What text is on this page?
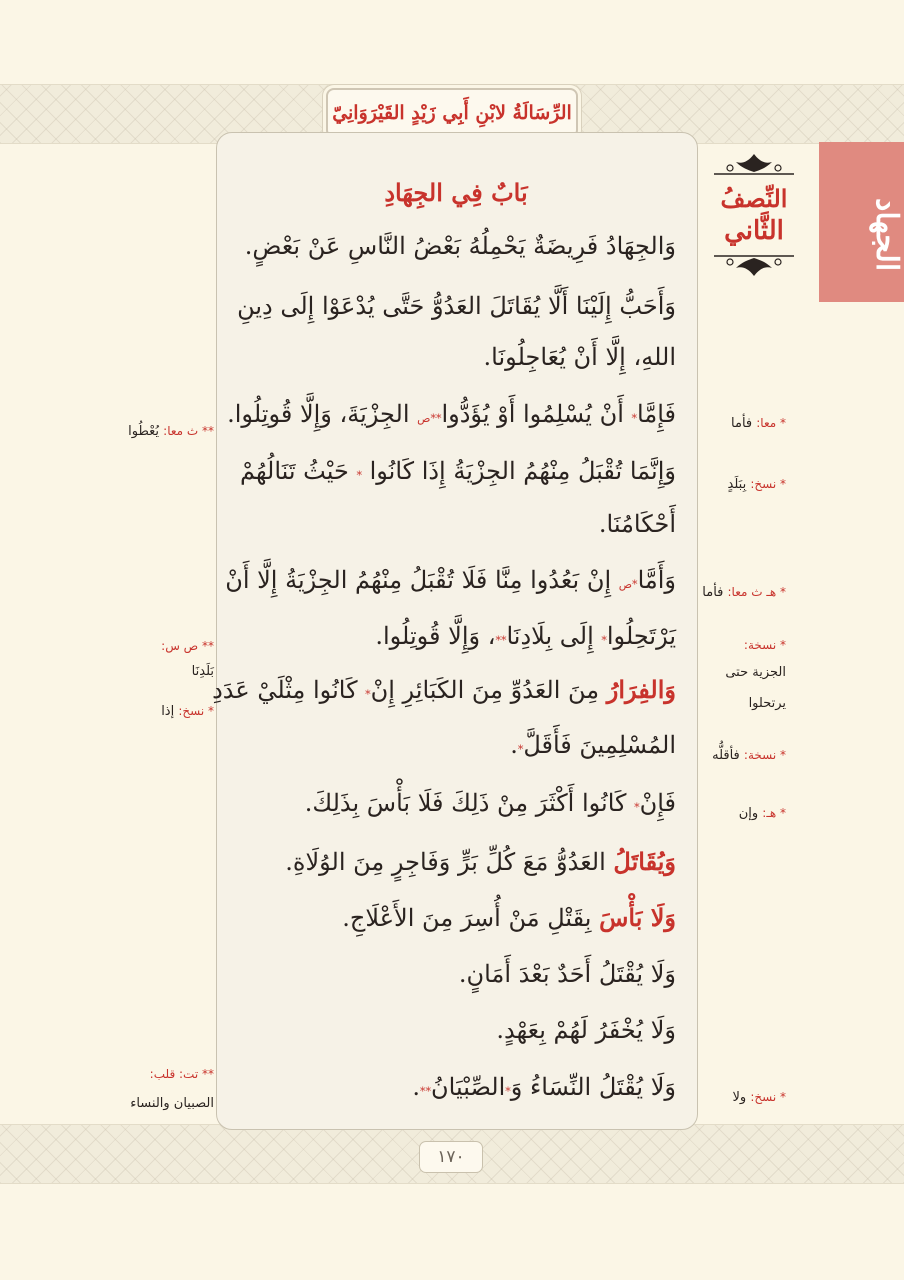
الرِّسَالَةُ لابْنِ أَبِي زَيْدٍ القَيْرَوَانِيّ
الجهاد
النِّصفُ
الثَّاني
بَابٌ فِي الجِهَادِ
وَالجِهَادُ فَرِيضَةٌ يَحْمِلُهُ بَعْضُ النَّاسِ عَنْ بَعْضٍ.
وَأَحَبُّ إِلَيْنَا أَلَّا يُقَاتَلَ العَدُوُّ حَتَّى يُدْعَوْا إِلَى دِينِ
اللهِ، إِلَّا أَنْ يُعَاجِلُونَا.
فَإِمَّا* أَنْ يُسْلِمُوا أَوْ يُؤَدُّوا**ص الجِزْيَةَ، وَإِلَّا قُوتِلُوا.
وَإِنَّمَا تُقْبَلُ مِنْهُمُ الجِزْيَةُ إِذَا كَانُوا * حَيْثُ تَنَالُهُمْ
أَحْكَامُنَا.
وَأَمَّا*ص إِنْ بَعُدُوا مِنَّا فَلَا تُقْبَلُ مِنْهُمُ الجِزْيَةُ إِلَّا أَنْ
يَرْتَحِلُوا* إِلَى بِلَادِنَا**، وَإِلَّا قُوتِلُوا.
وَالفِرَارُ مِنَ العَدُوِّ مِنَ الكَبَائِرِ إِنْ* كَانُوا مِثْلَيْ عَدَدِ
المُسْلِمِينَ فَأَقَلَّ*.
فَإِنْ* كَانُوا أَكْثَرَ مِنْ ذَلِكَ فَلَا بَأْسَ بِذَلِكَ.
وَيُقَاتَلُ العَدُوُّ مَعَ كُلِّ بَرٍّ وَفَاجِرٍ مِنَ الوُلَاةِ.
وَلَا بَأْسَ بِقَتْلِ مَنْ أُسِرَ مِنَ الأَعْلَاجِ.
وَلَا يُقْتَلُ أَحَدٌ بَعْدَ أَمَانٍ.
وَلَا يُخْفَرُ لَهُمْ بِعَهْدٍ.
وَلَا يُقْتَلُ النِّسَاءُ وَ*الصِّبْيَانُ**.
* معا: فأما
* نسخ: بِبَلَدٍ
* هـ ث معا: فأما
* نسخة:
الجزية حتى
يرتحلوا
* نسخة: فأقلُّه
* هـ: وإن
* نسخ: ولا
** ث معا: يُعْطُوا
** ص س:
بَلَدِنَا
* نسخ: إذا
** تت: قلب:
الصبيان والنساء
١٧٠
